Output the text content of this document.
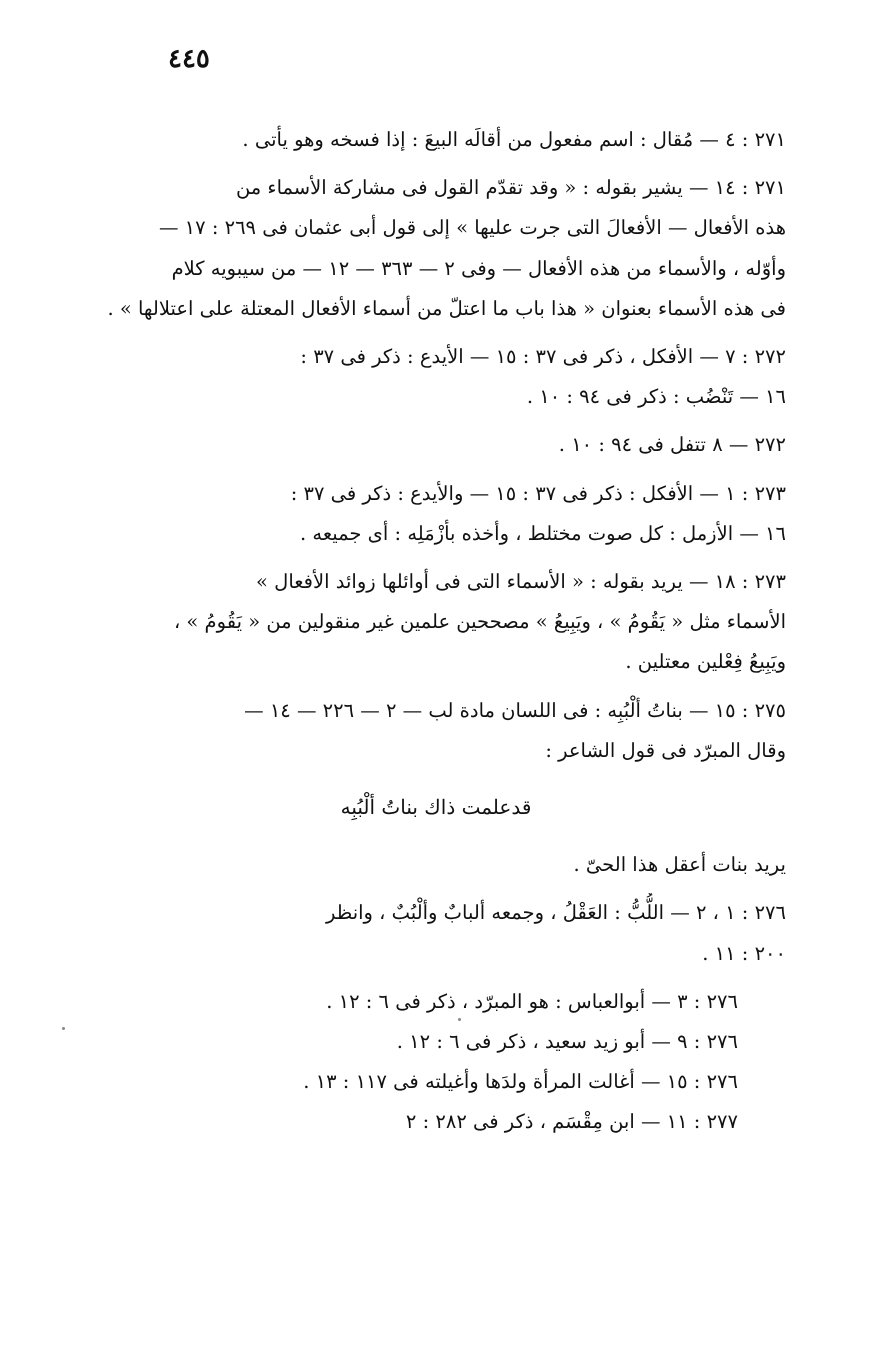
٤٤٥
٢٧١ : ٤ — مُقال : اسم مفعول من أقالَه البيعَ : إذا فسخه وهو يأتى .
٢٧١ : ١٤ — يشير بقوله : « وقد تقدّم القول فى مشاركة الأسماء من
هذه الأفعال — الأفعالَ التى جرت عليها » إلى قول أبى عثمان فى ٢٦٩ : ١٧ —
وأوّله ، والأسماء من هذه الأفعال — وفى ٢ — ٣٦٣ — ١٢ — من سيبويه كلام
فى هذه الأسماء بعنوان « هذا باب ما اعتلّ من أسماء الأفعال المعتلة على اعتلالها » .
٢٧٢ : ٧ — الأفكل ، ذكر فى ٣٧ : ١٥ — الأيدع : ذكر فى ٣٧ :
١٦ — تَنْضُب : ذكر فى ٩٤ : ١٠ .
٢٧٢ — ٨ تتفل فى ٩٤ : ١٠ .
٢٧٣ : ١ — الأفكل : ذكر فى ٣٧ : ١٥ — والأيدع : ذكر فى ٣٧ :
١٦ — الأزمل : كل صوت مختلط ، وأخذه بأزْمَلِه : أى جميعه .
٢٧٣ : ١٨ — يريد بقوله : « الأسماء التى فى أوائلها زوائد الأفعال »
الأسماء مثل « يَقُومُ » ، ويَبِيعُ » مصححين علمين غير منقولين من « يَقُومُ » ،
ويَبِيعُ فِعْلين معتلين .
٢٧٥ : ١٥ — بناتُ ألْبُبِه : فى اللسان مادة لب — ٢ — ٢٢٦ — ١٤ —
وقال المبرّد فى قول الشاعر :
قدعلمت ذاك بناتُ ألْبُبِه
يريد بنات أعقل هذا الحىّ .
٢٧٦ : ١ ، ٢ — اللُّبُّ : العَقْلُ ، وجمعه ألبابٌ وألْبُبٌ ، وانظر
٢٠٠ : ١١ .
٢٧٦ : ٣ — أبوالعباس : هو المبرّد ، ذكر فى ٦ : ١٢ .
٢٧٦ : ٩ — أبو زيد سعيد ، ذكر فى ٦ : ١٢ .
٢٧٦ : ١٥ — أغالت المرأة ولدَها وأغيلته فى ١١٧ : ١٣ .
٢٧٧ : ١١ — ابن مِقْسَم ، ذكر فى ٢٨٢ : ٢
